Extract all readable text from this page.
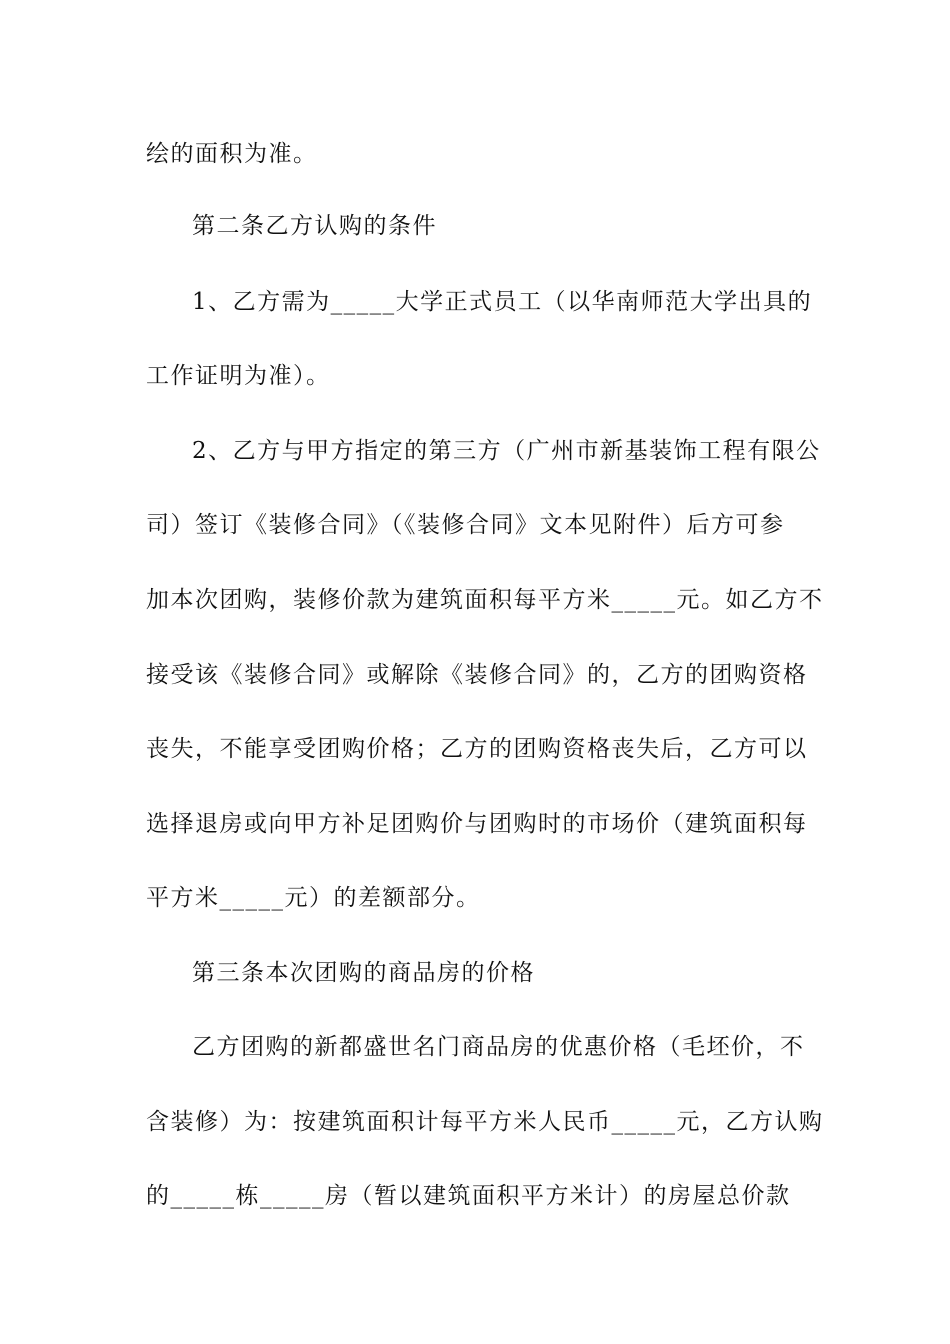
绘的面积为准。
第二条乙方认购的条件
1、乙方需为_____大学正式员工（以华南师范大学出具的
工作证明为准）。
2、乙方与甲方指定的第三方（广州市新基装饰工程有限公
司）签订《装修合同》（《装修合同》文本见附件）后方可参
加本次团购，装修价款为建筑面积每平方米_____元。如乙方不
接受该《装修合同》或解除《装修合同》的，乙方的团购资格
丧失，不能享受团购价格；乙方的团购资格丧失后，乙方可以
选择退房或向甲方补足团购价与团购时的市场价（建筑面积每
平方米_____元）的差额部分。
第三条本次团购的商品房的价格
乙方团购的新都盛世名门商品房的优惠价格（毛坯价，不
含装修）为：按建筑面积计每平方米人民币_____元，乙方认购
的_____栋_____房（暂以建筑面积平方米计）的房屋总价款
